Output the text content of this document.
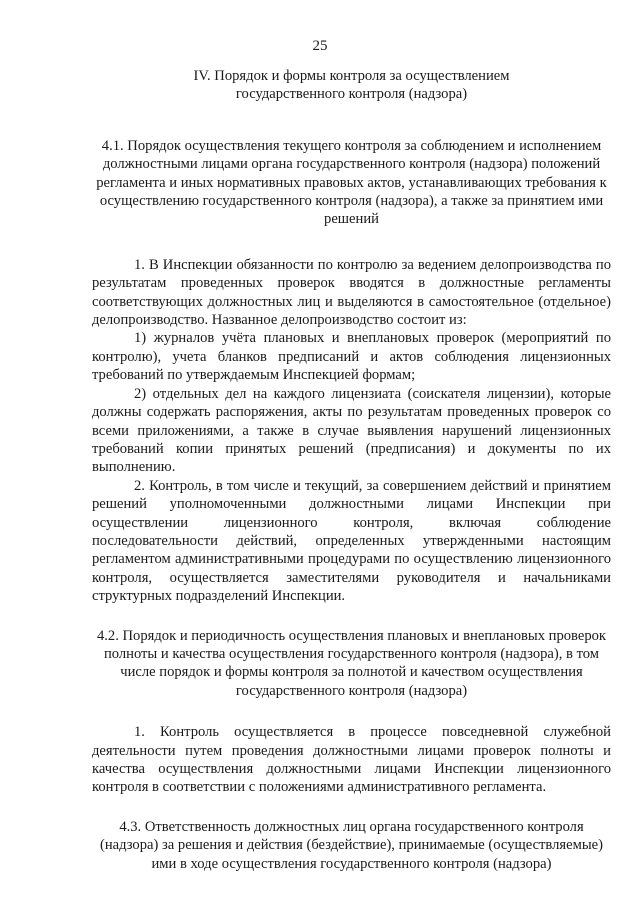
25
IV. Порядок и формы контроля за осуществлением
государственного контроля (надзора)
4.1. Порядок осуществления текущего контроля за соблюдением и исполнением должностными лицами органа государственного контроля (надзора) положений регламента и иных нормативных правовых актов, устанавливающих требования к осуществлению государственного контроля (надзора), а также за принятием ими решений

1. В Инспекции обязанности по контролю за ведением делопроизводства по результатам проведенных проверок вводятся в должностные регламенты соответствующих должностных лиц и выделяются в самостоятельное (отдельное) делопроизводство. Названное делопроизводство состоит из:

1) журналов учёта плановых и внеплановых проверок (мероприятий по контролю), учета бланков предписаний и актов соблюдения лицензионных требований по утверждаемым Инспекцией формам;

2) отдельных дел на каждого лицензиата (соискателя лицензии), которые должны содержать распоряжения, акты по результатам проведенных проверок со всеми приложениями, а также в случае выявления нарушений лицензионных требований копии принятых решений (предписания) и документы по их выполнению.

2. Контроль, в том числе и текущий, за совершением действий и принятием решений уполномоченными должностными лицами Инспекции при осуществлении лицензионного контроля, включая соблюдение последовательности действий, определенных утвержденными настоящим регламентом административными процедурами по осуществлению лицензионного контроля, осуществляется заместителями руководителя и начальниками структурных подразделений Инспекции.

4.2. Порядок и периодичность осуществления плановых и внеплановых проверок полноты и качества осуществления государственного контроля (надзора), в том числе порядок и формы контроля за полнотой и качеством осуществления государственного контроля (надзора)

1. Контроль осуществляется в процессе повседневной служебной деятельности путем проведения должностными лицами проверок полноты и качества осуществления должностными лицами Инспекции лицензионного контроля в соответствии с положениями административного регламента.

4.3. Ответственность должностных лиц органа государственного контроля (надзора) за решения и действия (бездействие), принимаемые (осуществляемые) ими в ходе осуществления государственного контроля (надзора)
